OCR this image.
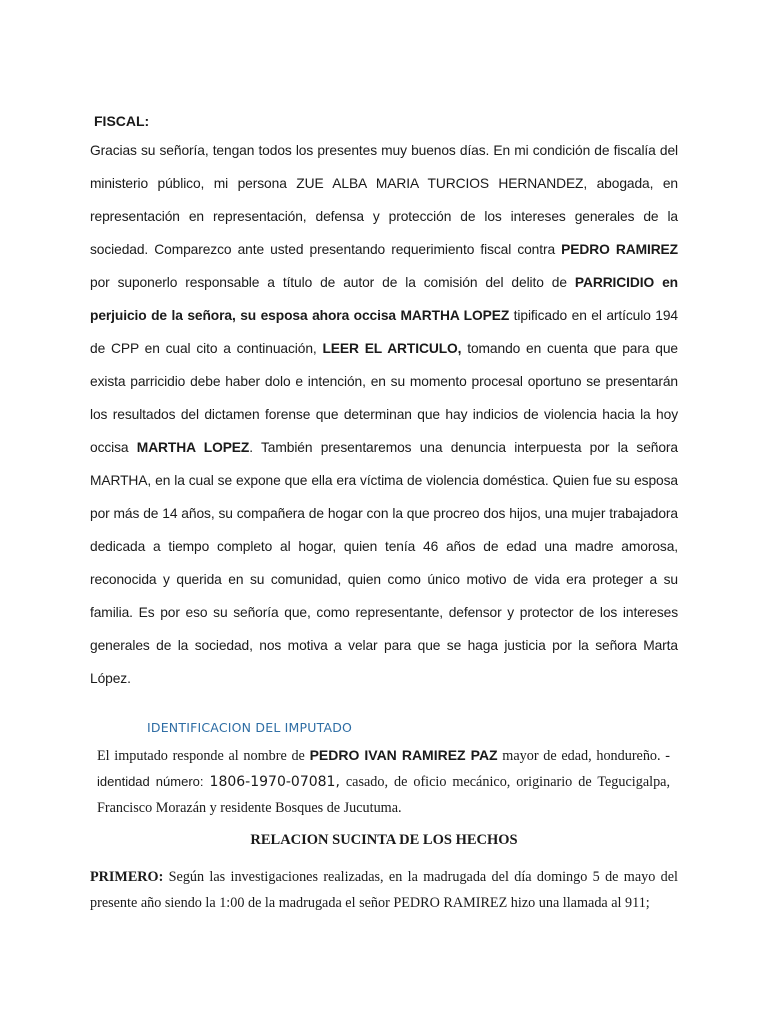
FISCAL:
Gracias su señoría, tengan todos los presentes muy buenos días. En mi condición de fiscalía del ministerio público, mi persona ZUE ALBA MARIA TURCIOS HERNANDEZ, abogada, en representación en representación, defensa y protección de los intereses generales de la sociedad. Comparezco ante usted presentando requerimiento fiscal contra PEDRO RAMIREZ por suponerlo responsable a título de autor de la comisión del delito de PARRICIDIO en perjuicio de la señora, su esposa ahora occisa MARTHA LOPEZ tipificado en el artículo 194 de CPP en cual cito a continuación, LEER EL ARTICULO, tomando en cuenta que para que exista parricidio debe haber dolo e intención, en su momento procesal oportuno se presentarán los resultados del dictamen forense que determinan que hay indicios de violencia hacia la hoy occisa MARTHA LOPEZ. También presentaremos una denuncia interpuesta por la señora MARTHA, en la cual se expone que ella era víctima de violencia doméstica. Quien fue su esposa por más de 14 años, su compañera de hogar con la que procreo dos hijos, una mujer trabajadora dedicada a tiempo completo al hogar, quien tenía 46 años de edad una madre amorosa, reconocida y querida en su comunidad, quien como único motivo de vida era proteger a su familia. Es por eso su señoría que, como representante, defensor y protector de los intereses generales de la sociedad, nos motiva a velar para que se haga justicia por la señora Marta López.
IDENTIFICACION DEL IMPUTADO
El imputado responde al nombre de PEDRO IVAN RAMIREZ PAZ mayor de edad, hondureño. - identidad número: 1806-1970-07081, casado, de oficio mecánico, originario de Tegucigalpa, Francisco Morazán y residente Bosques de Jucutuma.
RELACION SUCINTA DE LOS HECHOS
PRIMERO: Según las investigaciones realizadas, en la madrugada del día domingo 5 de mayo del presente año siendo la 1:00 de la madrugada el señor PEDRO RAMIREZ hizo una llamada al 911;
